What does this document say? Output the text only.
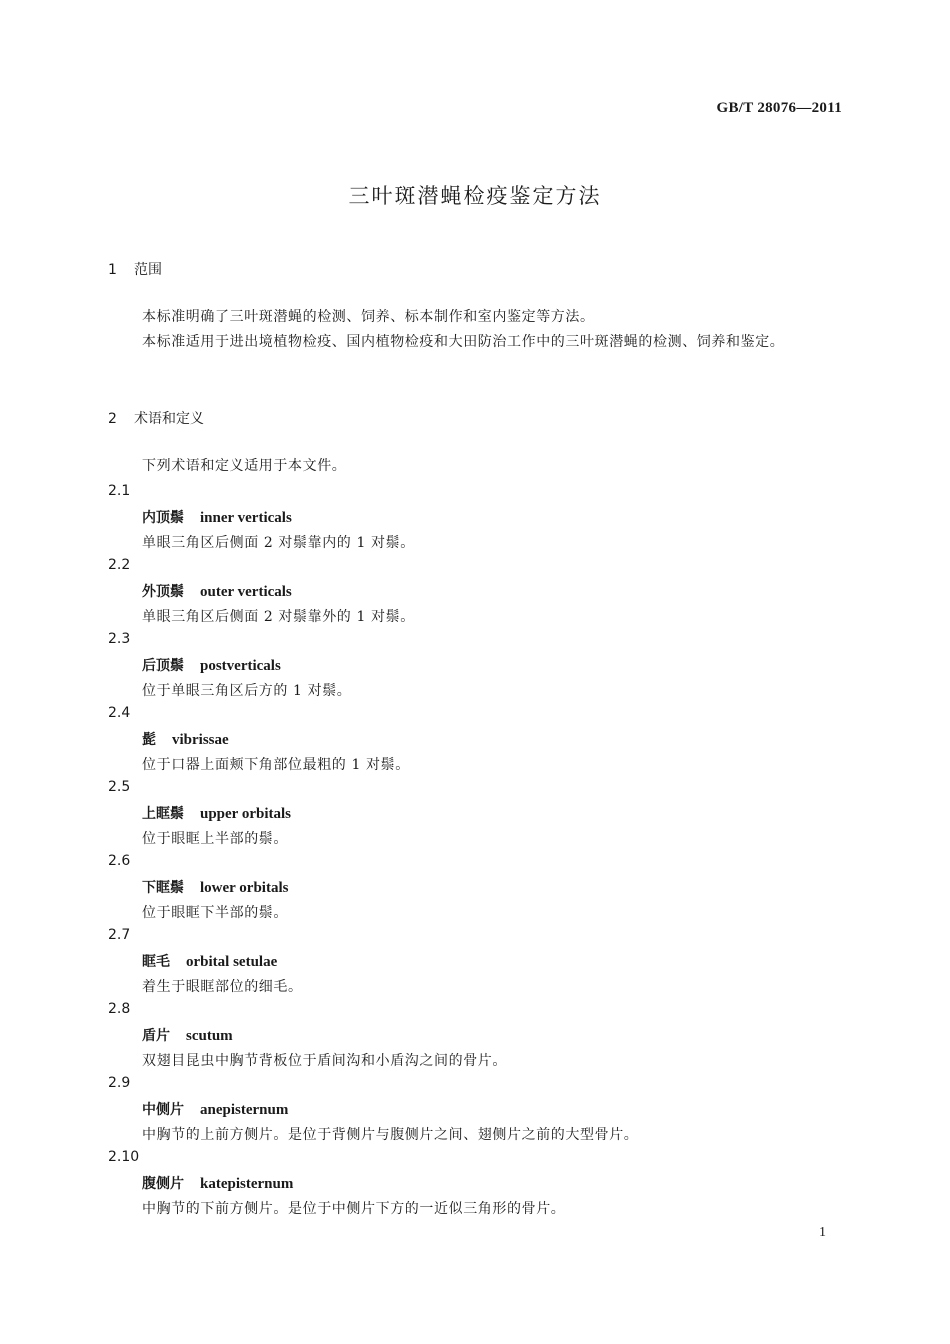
GB/T 28076—2011
三叶斑潜蝇检疫鉴定方法
1 范围
本标准明确了三叶斑潜蝇的检测、饲养、标本制作和室内鉴定等方法。
本标准适用于进出境植物检疫、国内植物检疫和大田防治工作中的三叶斑潜蝇的检测、饲养和鉴定。
2 术语和定义
下列术语和定义适用于本文件。
2.1
内顶鬃 inner verticals
单眼三角区后侧面 2 对鬃靠内的 1 对鬃。
2.2
外顶鬃 outer verticals
单眼三角区后侧面 2 对鬃靠外的 1 对鬃。
2.3
后顶鬃 postverticals
位于单眼三角区后方的 1 对鬃。
2.4
髭 vibrissae
位于口器上面颊下角部位最粗的 1 对鬃。
2.5
上眶鬃 upper orbitals
位于眼眶上半部的鬃。
2.6
下眶鬃 lower orbitals
位于眼眶下半部的鬃。
2.7
眶毛 orbital setulae
着生于眼眶部位的细毛。
2.8
盾片 scutum
双翅目昆虫中胸节背板位于盾间沟和小盾沟之间的骨片。
2.9
中侧片 anepisternum
中胸节的上前方侧片。是位于背侧片与腹侧片之间、翅侧片之前的大型骨片。
2.10
腹侧片 katepisternum
中胸节的下前方侧片。是位于中侧片下方的一近似三角形的骨片。
1
